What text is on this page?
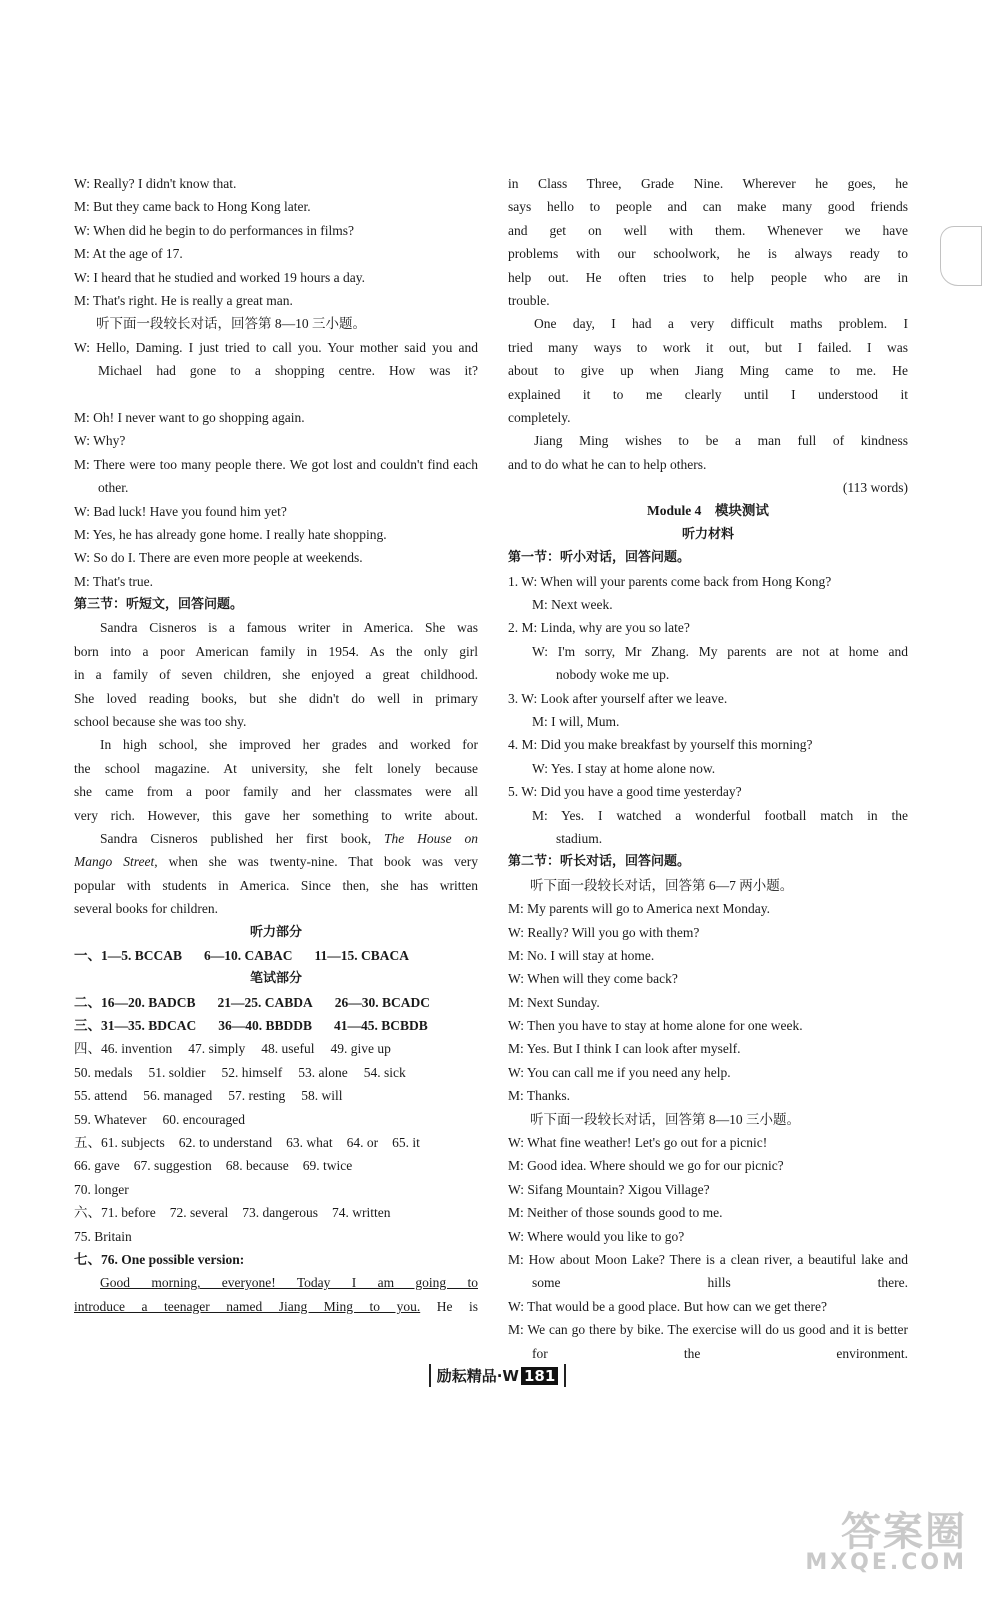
W: Really? I didn't know that.
M: But they came back to Hong Kong later.
W: When did he begin to do performances in films?
M: At the age of 17.
W: I heard that he studied and worked 19 hours a day.
M: That's right. He is really a great man.
听下面一段较长对话，回答第 8—10 三小题。
W: Hello, Daming. I just tried to call you. Your mother said you and Michael had gone to a shopping centre. How was it?
M: Oh! I never want to go shopping again.
W: Why?
M: There were too many people there. We got lost and couldn't find each other.
W: Bad luck! Have you found him yet?
M: Yes, he has already gone home. I really hate shopping.
W: So do I. There are even more people at weekends.
M: That's true.
第三节：听短文，回答问题。
Sandra Cisneros is a famous writer in America. She was
born into a poor American family in 1954. As the only girl
in a family of seven children, she enjoyed a great childhood.
She loved reading books, but she didn't do well in primary
school because she was too shy.
In high school, she improved her grades and worked for
the school magazine. At university, she felt lonely because
she came from a poor family and her classmates were all
very rich. However, this gave her something to write about.
Sandra Cisneros published her first book, The House on
Mango Street, when she was twenty-nine. That book was very
popular with students in America. Since then, she has written
several books for children.
听力部分
一、1—5. BCCAB 6—10. CABAC 11—15. CBACA
笔试部分
二、16—20. BADCB 21—25. CABDA 26—30. BCADC
三、31—35. BDCAC 36—40. BBDDB 41—45. BCBDB
四、46. invention 47. simply 48. useful 49. give up
50. medals 51. soldier 52. himself 53. alone 54. sick
55. attend 56. managed 57. resting 58. will
59. Whatever 60. encouraged
五、61. subjects 62. to understand 63. what 64. or 65. it
66. gave 67. suggestion 68. because 69. twice
70. longer
六、71. before 72. several 73. dangerous 74. written
75. Britain
七、76. One possible version:
Good morning, everyone! Today I am going to
introduce a teenager named Jiang Ming to you. He is
in Class Three, Grade Nine. Wherever he goes, he
says hello to people and can make many good friends
and get on well with them. Whenever we have
problems with our schoolwork, he is always ready to
help out. He often tries to help people who are in
trouble.
One day, I had a very difficult maths problem. I
tried many ways to work it out, but I failed. I was
about to give up when Jiang Ming came to me. He
explained it to me clearly until I understood it
completely.
Jiang Ming wishes to be a man full of kindness
and to do what he can to help others.
(113 words)
Module 4　模块测试
听力材料
第一节：听小对话，回答问题。
1. W: When will your parents come back from Hong Kong?
M: Next week.
2. M: Linda, why are you so late?
W: I'm sorry, Mr Zhang. My parents are not at home and
nobody woke me up.
3. W: Look after yourself after we leave.
M: I will, Mum.
4. M: Did you make breakfast by yourself this morning?
W: Yes. I stay at home alone now.
5. W: Did you have a good time yesterday?
M: Yes. I watched a wonderful football match in the
stadium.
第二节：听长对话，回答问题。
听下面一段较长对话，回答第 6—7 两小题。
M: My parents will go to America next Monday.
W: Really? Will you go with them?
M: No. I will stay at home.
W: When will they come back?
M: Next Sunday.
W: Then you have to stay at home alone for one week.
M: Yes. But I think I can look after myself.
W: You can call me if you need any help.
M: Thanks.
听下面一段较长对话，回答第 8—10 三小题。
W: What fine weather! Let's go out for a picnic!
M: Good idea. Where should we go for our picnic?
W: Sifang Mountain? Xigou Village?
M: Neither of those sounds good to me.
W: Where would you like to go?
M: How about Moon Lake? There is a clean river, a beautiful lake and some hills there.
W: That would be a good place. But how can we get there?
M: We can go there by bike. The exercise will do us good and it is better for the environment.
励耘精品·W 181
答案圈
MXQE.COM
